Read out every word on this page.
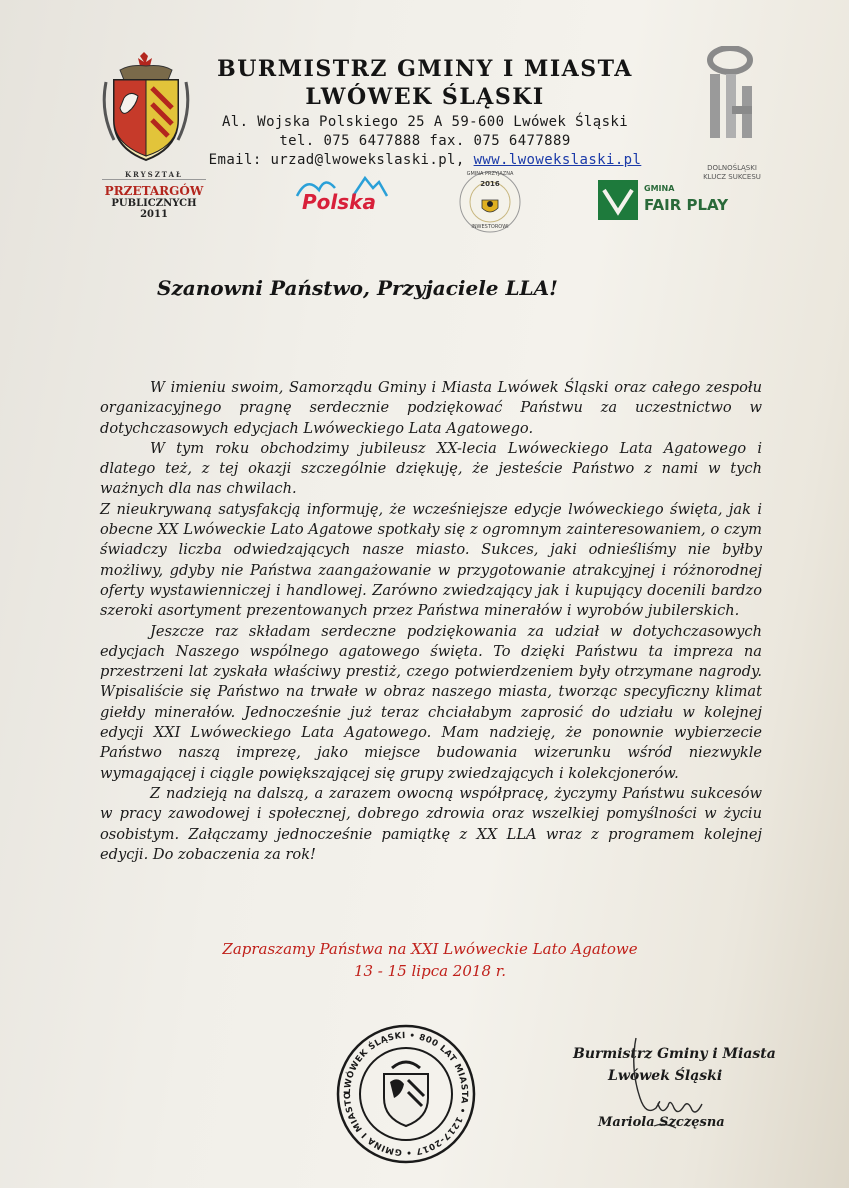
BURMISTRZ GMINY I MIASTA
LWÓWEK ŚLĄSKI
Al. Wojska Polskiego 25 A 59-600 Lwówek Śląski
tel. 075 6477888 fax. 075 6477889
Email: urzad@lwowekslaski.pl, www.lwowekslaski.pl	DOLNOŚLĄSKI
KLUCZ SUKCESU
KRYSZTAŁ
PRZETARGÓW
PUBLICZNYCH 2011
Polska
2016
GMINA PRZYJAZNA
INWESTOROWI
GMINA
FAIR PLAY
Szanowni Państwo, Przyjaciele LLA!

W imieniu swoim, Samorządu Gminy i Miasta Lwówek Śląski oraz całego zespołu organizacyjnego pragnę serdecznie podziękować Państwu za uczestnictwo w dotychczasowych edycjach Lwóweckiego Lata Agatowego.

W tym roku obchodzimy jubileusz XX-lecia Lwóweckiego Lata Agatowego i dlatego też, z tej okazji szczególnie dziękuję, że jesteście Państwo z nami w tych ważnych dla nas chwilach.

Z nieukrywaną satysfakcją informuję, że wcześniejsze edycje lwóweckiego święta, jak i obecne XX Lwóweckie Lato Agatowe spotkały się z ogromnym zainteresowaniem, o czym świadczy liczba odwiedzających nasze miasto. Sukces, jaki odnieśliśmy nie byłby możliwy, gdyby nie Państwa zaangażowanie w przygotowanie atrakcyjnej i różnorodnej oferty wystawienniczej i handlowej. Zarówno zwiedzający jak i kupujący docenili bardzo szeroki asortyment prezentowanych przez Państwa minerałów i wyrobów jubilerskich.

Jeszcze raz składam serdeczne podziękowania za udział w dotychczasowych edycjach Naszego wspólnego agatowego święta. To dzięki Państwu ta impreza na przestrzeni lat zyskała właściwy prestiż, czego potwierdzeniem były otrzymane nagrody. Wpisaliście się Państwo na trwałe w obraz naszego miasta, tworząc specyficzny klimat giełdy minerałów. Jednocześnie już teraz chciałabym zaprosić do udziału w kolejnej edycji XXI Lwóweckiego Lata Agatowego. Mam nadzieję, że ponownie wybierzecie Państwo naszą imprezę, jako miejsce budowania wizerunku wśród niezwykle wymagającej i ciągle powiększającej się grupy zwiedzających i kolekcjonerów.

Z nadzieją na dalszą, a zarazem owocną współpracę, życzymy Państwu sukcesów w pracy zawodowej i społecznej, dobrego zdrowia oraz wszelkiej pomyślności w życiu osobistym. Załączamy jednocześnie pamiątkę z XX LLA wraz z programem kolejnej edycji. Do zobaczenia za rok!

Zapraszamy Państwa na XXI Lwóweckie Lato Agatowe
13 - 15 lipca 2018 r.
LWÓWEK ŚLĄSKI • 800 LAT MIASTA • 1217-2017 • GMINA I MIASTO
Burmistrz Gminy i Miasta
Lwówek Śląski
Mariola Szczęsna
